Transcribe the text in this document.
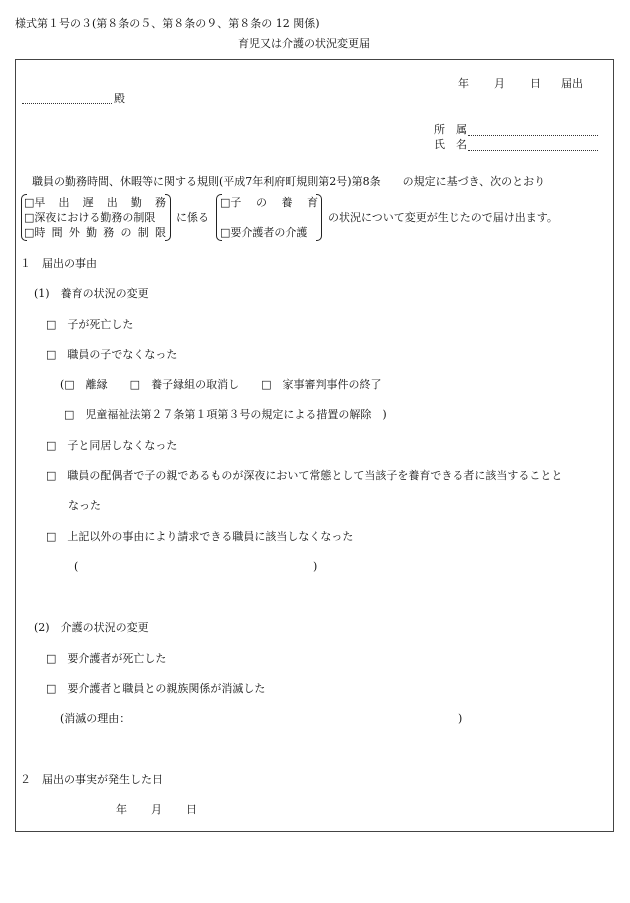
様式第１号の３(第８条の５、第８条の９、第８条の 12 関係)
育児又は介護の状況変更届
年 月 日 届出
殿
所　属
氏　名
職員の勤務時間、休暇等に関する規則(平成7年利府町規則第2号)第8条　　の規定に基づき、次のとおり
□早 出 遅 出 勤 務
□深夜における勤務の制限
□時 間 外 勤 務 の 制 限
に係る
□子 の 養 育
□要介護者の介護
の状況について変更が生じたので届け出ます。
１　届出の事由
(1)　養育の状況の変更
□　子が死亡した
□　職員の子でなくなった
(□　離縁　　□　養子縁組の取消し　　□　家事審判事件の終了
□　児童福祉法第２７条第１項第３号の規定による措置の解除　)
□　子と同居しなくなった
□　職員の配偶者で子の親であるものが深夜において常態として当該子を養育できる者に該当することと
なった
□　上記以外の事由により請求できる職員に該当しなくなった
(	)
(2)　介護の状況の変更
□　要介護者が死亡した
□　要介護者と職員との親族関係が消滅した
(消滅の理由：	)
２　届出の事実が発生した日
年 月 日
